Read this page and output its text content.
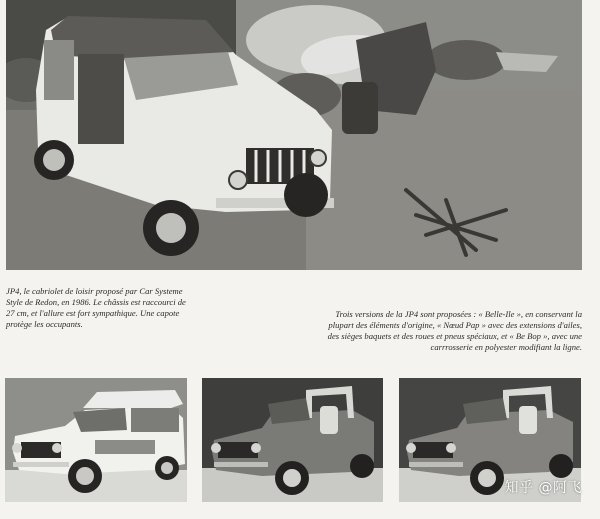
JP4, le cabriolet de loisir proposé par Car Systeme Style de Redon, en 1986. Le châssis est raccourci de 27 cm, et l'allure est fort sympathique. Une capote protège les occupants.
Trois versions de la JP4 sont proposées : « Belle-Ile », en conservant la plupart des éléments d'origine, « Nœud Pap » avec des extensions d'ailes, des sièges baquets et des roues et pneus spéciaux, et « Be Bop », avec une carrrosserie en polyester modifiant la ligne.
知乎 @阿飞
